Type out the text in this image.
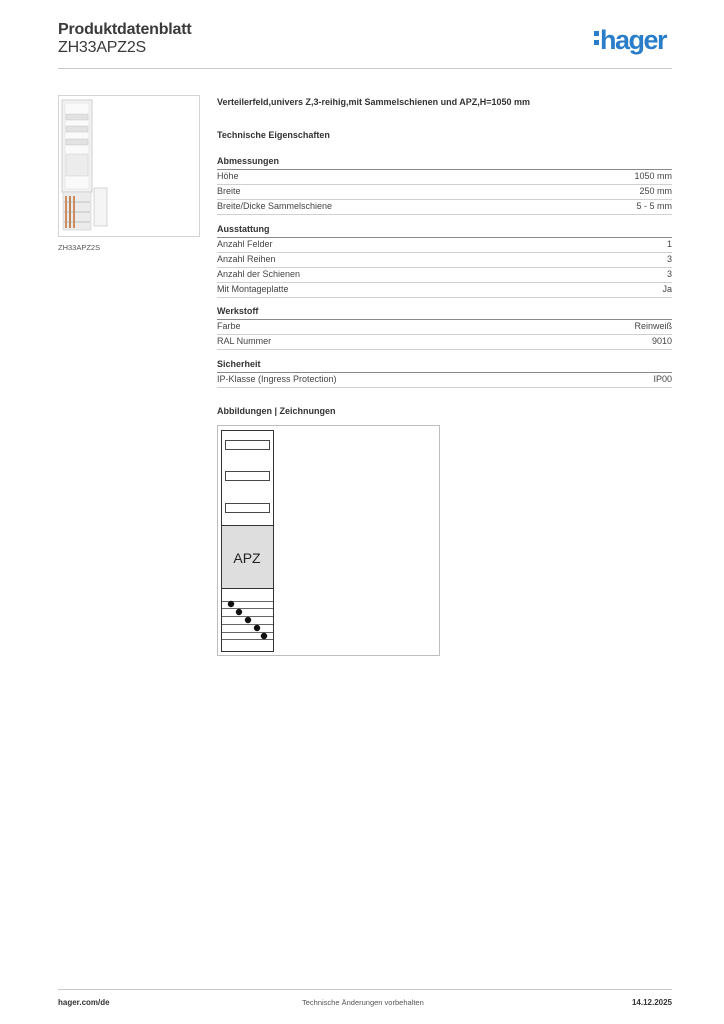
Produktdatenblatt
ZH33APZ2S	hager
ZH33APZ2S
Verteilerfeld,univers Z,3-reihig,mit Sammelschienen und APZ,H=1050 mm
Technische Eigenschaften
Abmessungen
Höhe	1050 mm
Breite	250 mm
Breite/Dicke Sammelschiene	5 - 5 mm
Ausstattung
Anzahl Felder	1
Anzahl Reihen	3
Anzahl der Schienen	3
Mit Montageplatte	Ja
Werkstoff
Farbe	Reinweiß
RAL Nummer	9010
Sicherheit
IP-Klasse (Ingress Protection)	IP00
Abbildungen | Zeichnungen
APZ
hager.com/de	Technische Änderungen vorbehalten	14.12.2025
